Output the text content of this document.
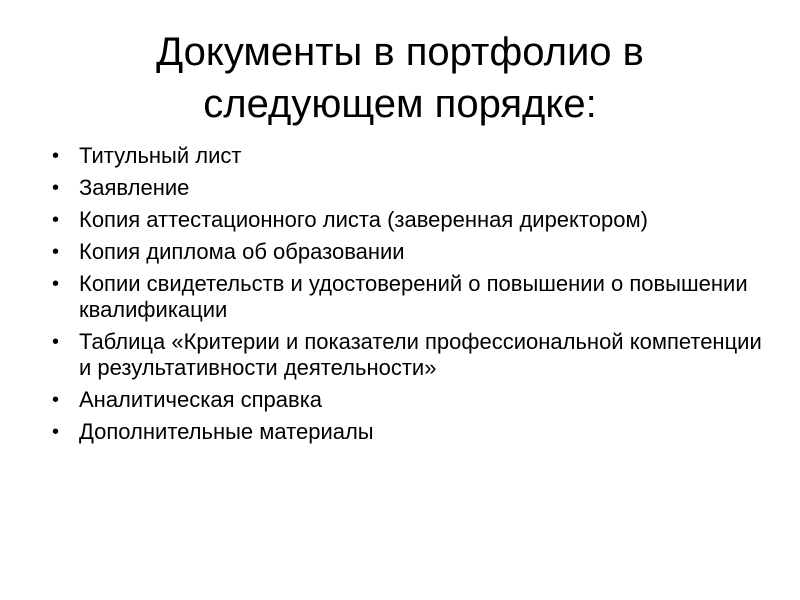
Документы в портфолио в
следующем порядке:
• Титульный лист
• Заявление
• Копия аттестационного листа (заверенная директором)
• Копия диплома об образовании
• Копии свидетельств и удостоверений о повышении о повышении квалификации
• Таблица «Критерии и показатели профессиональной компетенции и результативности деятельности»
• Аналитическая справка
• Дополнительные материалы
